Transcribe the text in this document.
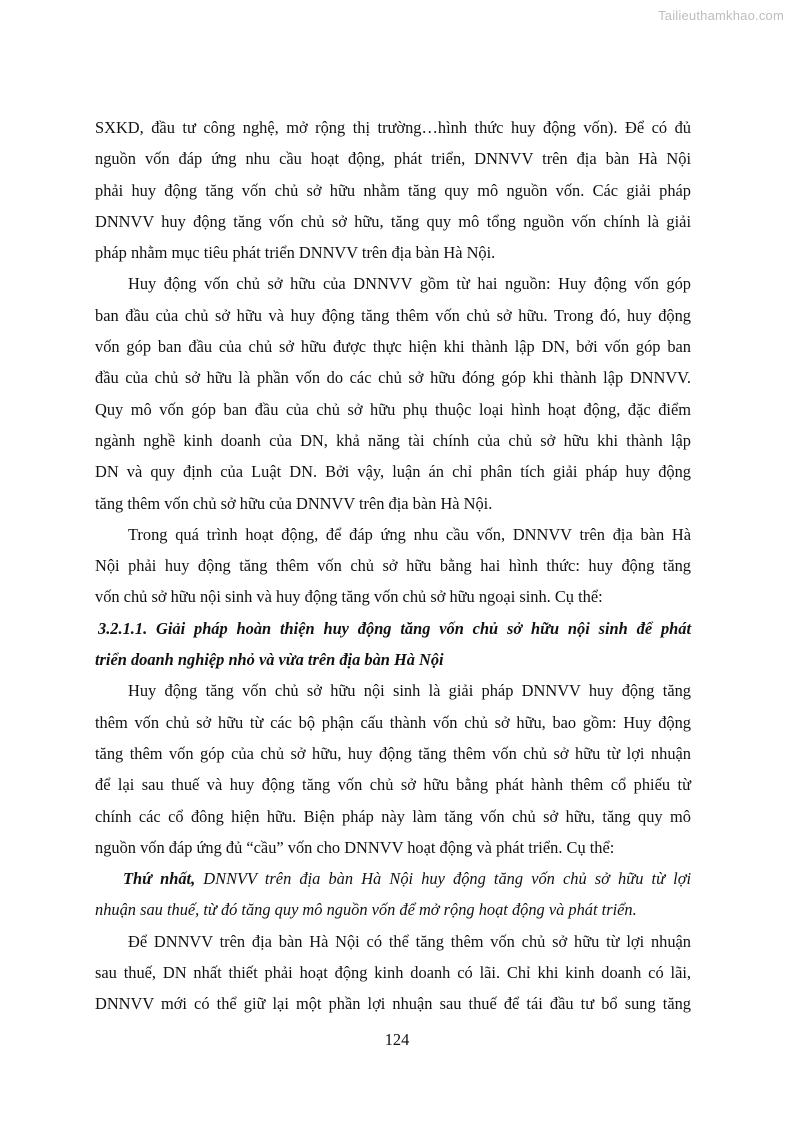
Tailieuthamkhao.com
SXKD, đầu tư công nghệ, mở rộng thị trường…hình thức huy động vốn). Để có đủ
nguồn vốn đáp ứng nhu cầu hoạt động, phát triển, DNNVV trên địa bàn Hà Nội
phải huy động tăng vốn chủ sở hữu nhằm tăng quy mô nguồn vốn. Các giải pháp
DNNVV huy động tăng vốn chủ sở hữu, tăng quy mô tổng nguồn vốn chính là giải
pháp nhằm mục tiêu phát triển DNNVV trên địa bàn Hà Nội.
Huy động vốn chủ sở hữu của DNNVV gồm từ hai nguồn: Huy động vốn góp
ban đầu của chủ sở hữu và huy động tăng thêm vốn chủ sở hữu. Trong đó, huy động
vốn góp ban đầu của chủ sở hữu được thực hiện khi thành lập DN, bởi vốn góp ban
đầu của chủ sở hữu là phần vốn do các chủ sở hữu đóng góp khi thành lập DNNVV.
Quy mô vốn góp ban đầu của chủ sở hữu phụ thuộc loại hình hoạt động, đặc điểm
ngành nghề kinh doanh của DN, khả năng tài chính của chủ sở hữu khi thành lập
DN và quy định của Luật DN. Bởi vậy, luận án chỉ phân tích giải pháp huy động
tăng thêm vốn chủ sở hữu của DNNVV trên địa bàn Hà Nội.
Trong quá trình hoạt động, để đáp ứng nhu cầu vốn, DNNVV trên địa bàn Hà
Nội phải huy động tăng thêm vốn chủ sở hữu bằng hai hình thức: huy động tăng
vốn chủ sở hữu nội sinh và huy động tăng vốn chủ sở hữu ngoại sinh. Cụ thể:
3.2.1.1. Giải pháp hoàn thiện huy động tăng vốn chủ sở hữu nội sinh để phát
triển doanh nghiệp nhỏ và vừa trên địa bàn Hà Nội
Huy động tăng vốn chủ sở hữu nội sinh là giải pháp DNNVV huy động tăng
thêm vốn chủ sở hữu từ các bộ phận cấu thành vốn chủ sở hữu, bao gồm: Huy động
tăng thêm vốn góp của chủ sở hữu, huy động tăng thêm vốn chủ sở hữu từ lợi nhuận
để lại sau thuế và huy động tăng vốn chủ sở hữu bằng phát hành thêm cổ phiếu từ
chính các cổ đông hiện hữu. Biện pháp này làm tăng vốn chủ sở hữu, tăng quy mô
nguồn vốn đáp ứng đủ “cầu” vốn cho DNNVV hoạt động và phát triển. Cụ thể:
Thứ nhất, DNNVV trên địa bàn Hà Nội huy động tăng vốn chủ sở hữu từ lợi
nhuận sau thuế, từ đó tăng quy mô nguồn vốn để mở rộng hoạt động và phát triển.
Để DNNVV trên địa bàn Hà Nội có thể tăng thêm vốn chủ sở hữu từ lợi nhuận
sau thuế, DN nhất thiết phải hoạt động kinh doanh có lãi. Chỉ khi kinh doanh có lãi,
DNNVV mới có thể giữ lại một phần lợi nhuận sau thuế để tái đầu tư bổ sung tăng
124
